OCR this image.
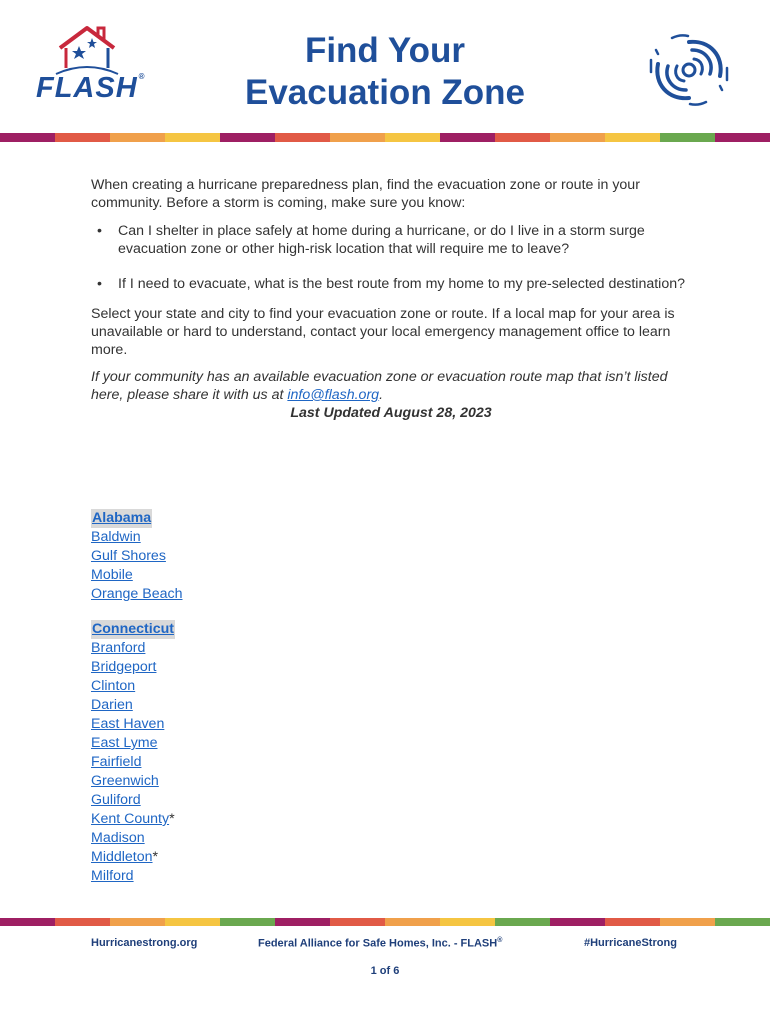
FLASH®
Find Your
Evacuation Zone

When creating a hurricane preparedness plan, find the evacuation zone or route in your community. Before a storm is coming, make sure you know:

• Can I shelter in place safely at home during a hurricane, or do I live in a storm surge evacuation zone or other high-risk location that will require me to leave?
• If I need to evacuate, what is the best route from my home to my pre-selected destination?

Select your state and city to find your evacuation zone or route. If a local map for your area is unavailable or hard to understand, contact your local emergency management office to learn more.

If your community has an available evacuation zone or evacuation route map that isn’t listed here, please share it with us at info@flash.org.

Last Updated August 28, 2023

Alabama
Baldwin
Gulf Shores
Mobile
Orange Beach
Connecticut
Branford
Bridgeport
Clinton
Darien
East Haven
East Lyme
Fairfield
Greenwich
Guliford
Kent County*
Madison
Middleton*
Milford
Hurricanestrong.org	Federal Alliance for Safe Homes, Inc. - FLASH®	#HurricaneStrong
1 of 6
